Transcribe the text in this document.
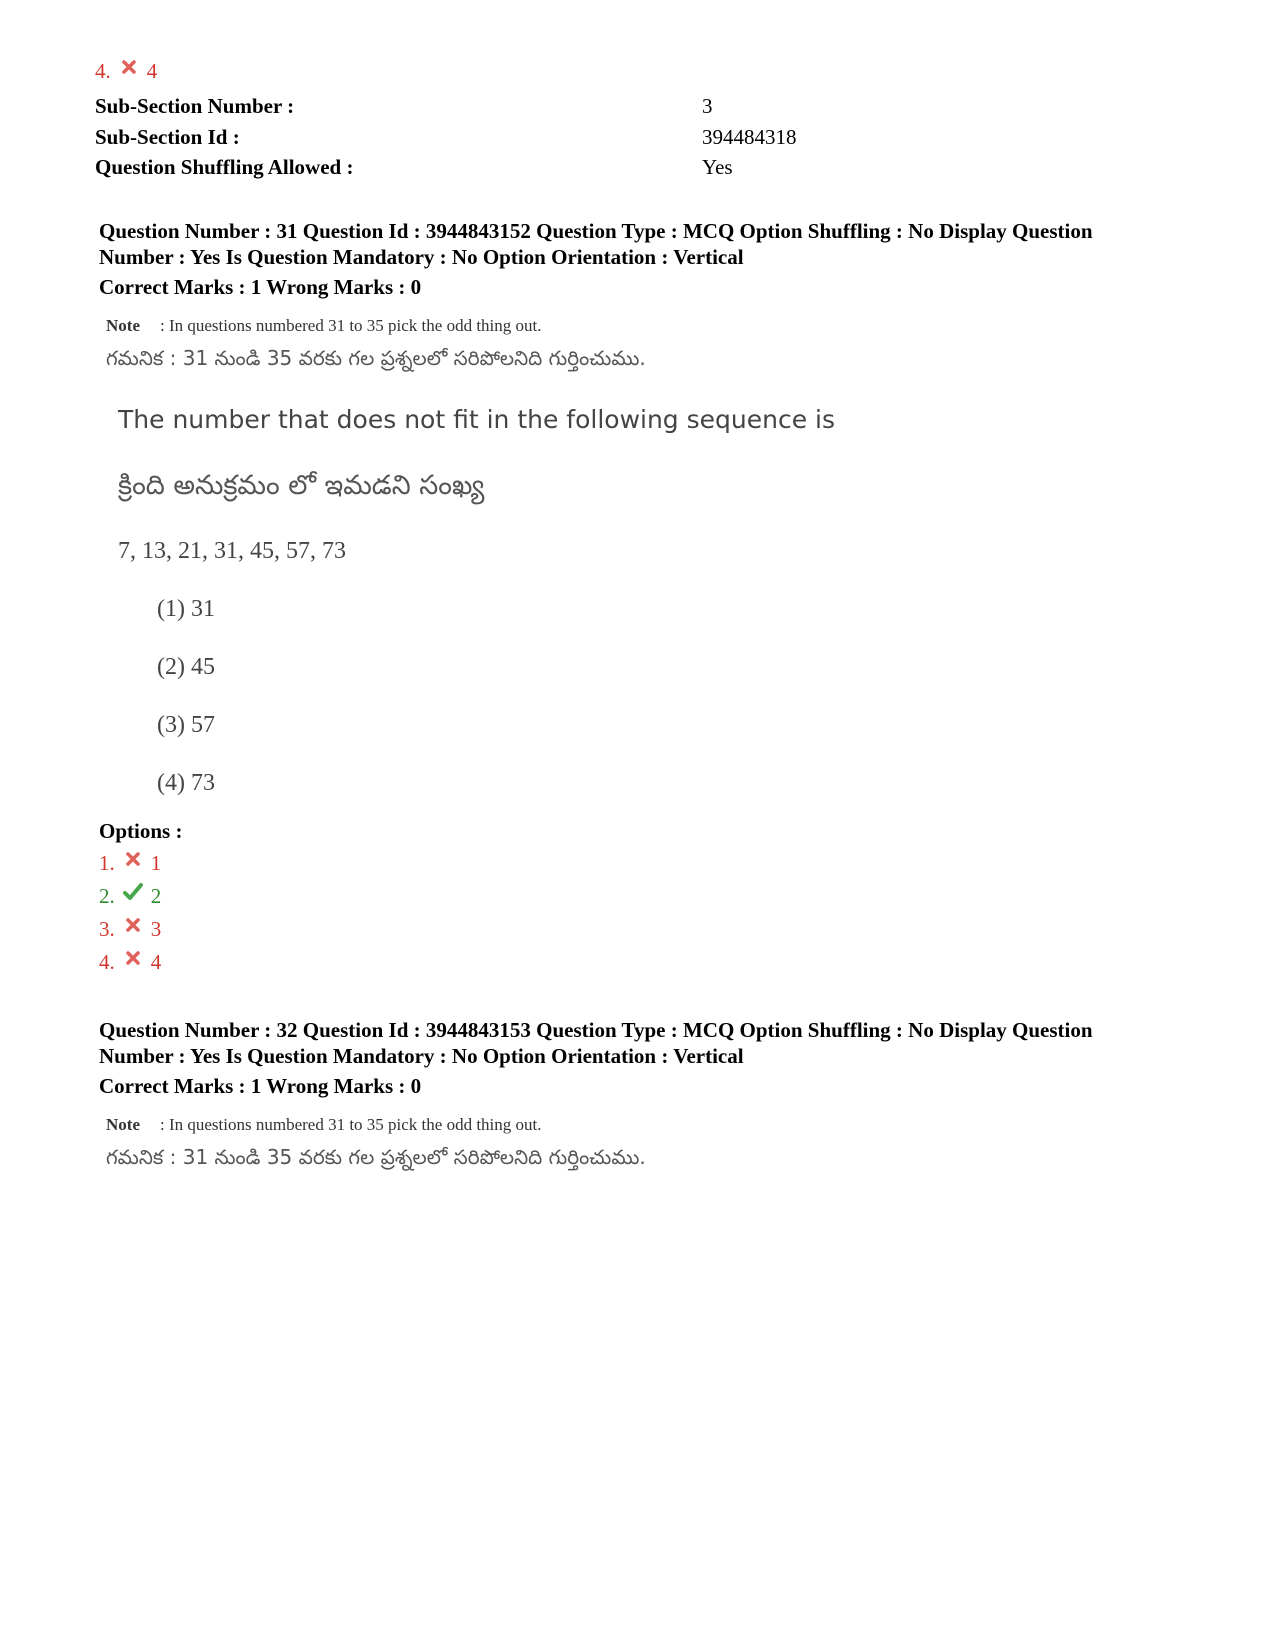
4. 4
Sub-Section Number :	3
Sub-Section Id :	394484318
Question Shuffling Allowed :	Yes
Question Number : 31 Question Id : 3944843152 Question Type : MCQ Option Shuffling : No Display Question
Number : Yes Is Question Mandatory : No Option Orientation : Vertical
Correct Marks : 1 Wrong Marks : 0
Note : In questions numbered 31 to 35 pick the odd thing out.
గమనిక : 31 నుండి 35 వరకు గల ప్రశ్నలలో సరిపోలనిది గుర్తించుము.
The number that does not fit in the following sequence is
క్రింది అనుక్రమం లో ఇమడని సంఖ్య
7, 13, 21, 31, 45, 57, 73
(1) 31
(2) 45
(3) 57
(4) 73
Options :
1. 1
2. 2
3. 3
4. 4
Question Number : 32 Question Id : 3944843153 Question Type : MCQ Option Shuffling : No Display Question
Number : Yes Is Question Mandatory : No Option Orientation : Vertical
Correct Marks : 1 Wrong Marks : 0
Note : In questions numbered 31 to 35 pick the odd thing out.
గమనిక : 31 నుండి 35 వరకు గల ప్రశ్నలలో సరిపోలనిది గుర్తించుము.
